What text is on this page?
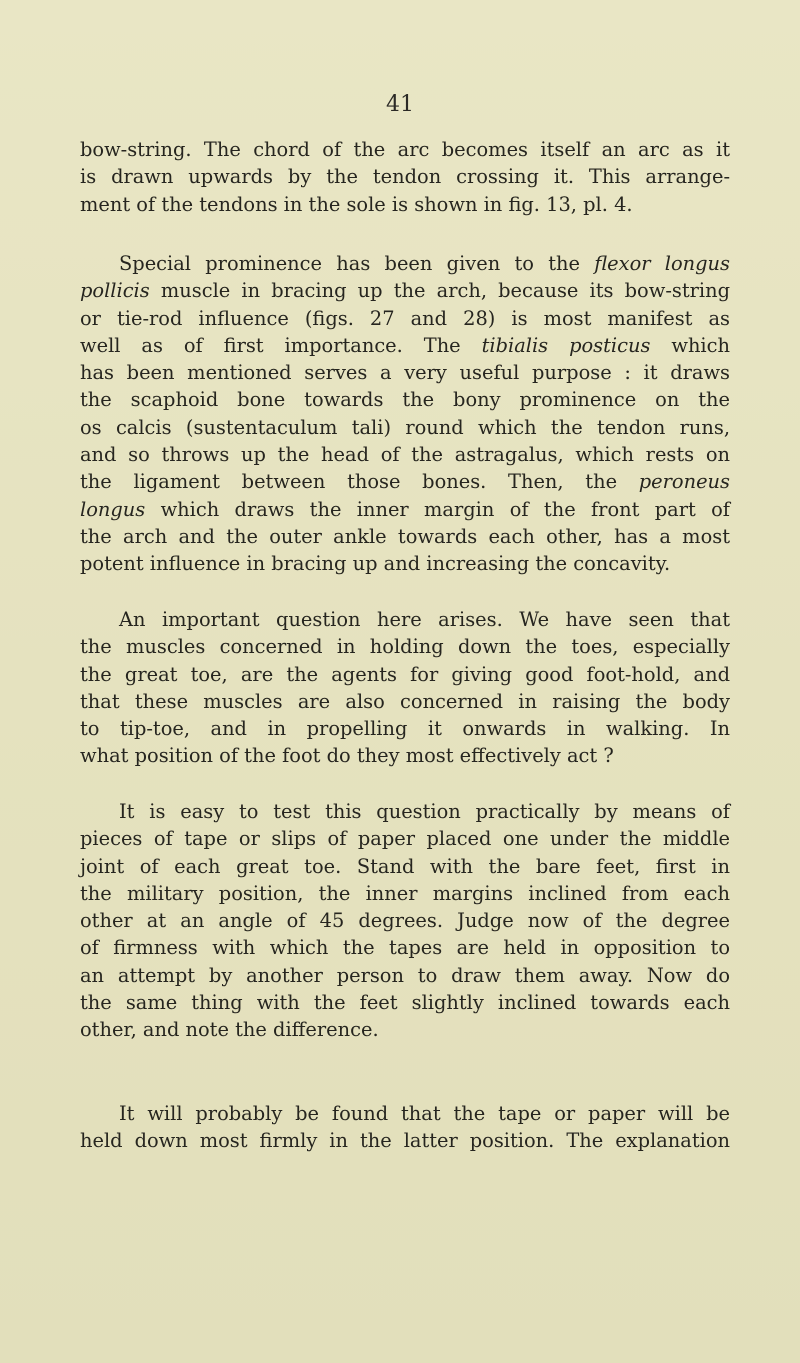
41
bow-string. The chord of the arc becomes itself an arc as it
is drawn upwards by the tendon crossing it. This arrange-
ment of the tendons in the sole is shown in fig. 13, pl. 4.
Special prominence has been given to the flexor longus
pollicis muscle in bracing up the arch, because its bow-string
or tie-rod influence (figs. 27 and 28) is most manifest as
well as of first importance. The tibialis posticus which
has been mentioned serves a very useful purpose : it draws
the scaphoid bone towards the bony prominence on the
os calcis (sustentaculum tali) round which the tendon runs,
and so throws up the head of the astragalus, which rests on
the ligament between those bones. Then, the peroneus
longus which draws the inner margin of the front part of
the arch and the outer ankle towards each other, has a most
potent influence in bracing up and increasing the concavity.
An important question here arises. We have seen that
the muscles concerned in holding down the toes, especially
the great toe, are the agents for giving good foot-hold, and
that these muscles are also concerned in raising the body
to tip-toe, and in propelling it onwards in walking. In
what position of the foot do they most effectively act ?
It is easy to test this question practically by means of
pieces of tape or slips of paper placed one under the middle
joint of each great toe. Stand with the bare feet, first in
the military position, the inner margins inclined from each
other at an angle of 45 degrees. Judge now of the degree
of firmness with which the tapes are held in opposition to
an attempt by another person to draw them away. Now do
the same thing with the feet slightly inclined towards each
other, and note the difference.
It will probably be found that the tape or paper will be
held down most firmly in the latter position. The explanation
